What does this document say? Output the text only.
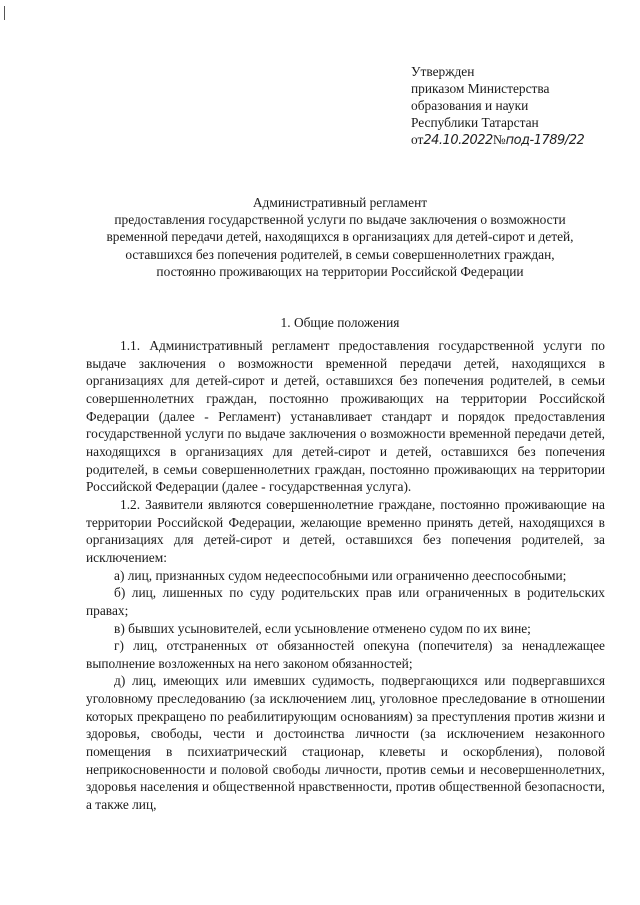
Утвержден
приказом Министерства
образования и науки
Республики Татарстан
от24.10.2022№под-1789/22
Административный регламент
предоставления государственной услуги по выдаче заключения о возможности
временной передачи детей, находящихся в организациях для детей-сирот и детей,
оставшихся без попечения родителей, в семьи совершеннолетних граждан,
постоянно проживающих на территории Российской Федерации
1. Общие положения

1.1. Административный регламент предоставления государственной услуги по выдаче заключения о возможности временной передачи детей, находящихся в организациях для детей-сирот и детей, оставшихся без попечения родителей, в семьи совершеннолетних граждан, постоянно проживающих на территории Российской Федерации (далее - Регламент) устанавливает стандарт и порядок предоставления государственной услуги по выдаче заключения о возможности временной передачи детей, находящихся в организациях для детей-сирот и детей, оставшихся без попечения родителей, в семьи совершеннолетних граждан, постоянно проживающих на территории Российской Федерации (далее - государственная услуга).

1.2. Заявители являются совершеннолетние граждане, постоянно проживающие на территории Российской Федерации, желающие временно принять детей, находящихся в организациях для детей-сирот и детей, оставшихся без попечения родителей, за исключением:

а) лиц, признанных судом недееспособными или ограниченно дееспособными;

б) лиц, лишенных по суду родительских прав или ограниченных в родительских правах;

в) бывших усыновителей, если усыновление отменено судом по их вине;

г) лиц, отстраненных от обязанностей опекуна (попечителя) за ненадлежащее выполнение возложенных на него законом обязанностей;

д) лиц, имеющих или имевших судимость, подвергающихся или подвергавшихся уголовному преследованию (за исключением лиц, уголовное преследование в отношении которых прекращено по реабилитирующим основаниям) за преступления против жизни и здоровья, свободы, чести и достоинства личности (за исключением незаконного помещения в психиатрический стационар, клеветы и оскорбления), половой неприкосновенности и половой свободы личности, против семьи и несовершеннолетних, здоровья населения и общественной нравственности, против общественной безопасности, а также лиц,
